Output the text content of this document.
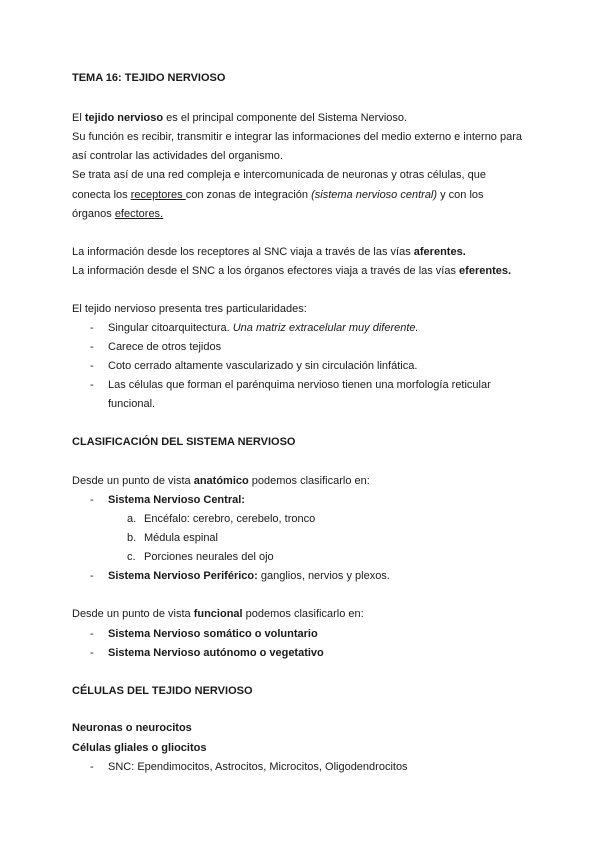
TEMA 16: TEJIDO NERVIOSO
El tejido nervioso es el principal componente del Sistema Nervioso.
Su función es recibir, transmitir e integrar las informaciones del medio externo e interno para
así controlar las actividades del organismo.
Se trata así de una red compleja e intercomunicada de neuronas y otras células, que
conecta los receptores con zonas de integración (sistema nervioso central) y con los
órganos efectores.
La información desde los receptores al SNC viaja a través de las vías aferentes.
La información desde el SNC a los órganos efectores viaja a través de las vías eferentes.
El tejido nervioso presenta tres particularidades:
- Singular citoarquitectura. Una matriz extracelular muy diferente.
- Carece de otros tejidos
- Coto cerrado altamente vascularizado y sin circulación linfática.
- Las células que forman el parénquima nervioso tienen una morfología reticular
funcional.
CLASIFICACIÓN DEL SISTEMA NERVIOSO
Desde un punto de vista anatómico podemos clasificarlo en:
- Sistema Nervioso Central:
a. Encéfalo: cerebro, cerebelo, tronco
b. Médula espinal
c. Porciones neurales del ojo
- Sistema Nervioso Periférico: ganglios, nervios y plexos.
Desde un punto de vista funcional podemos clasificarlo en:
- Sistema Nervioso somático o voluntario
- Sistema Nervioso autónomo o vegetativo
CÉLULAS DEL TEJIDO NERVIOSO
Neuronas o neurocitos
Células gliales o gliocitos
- SNC: Ependimocitos, Astrocitos, Microcitos, Oligodendrocitos
